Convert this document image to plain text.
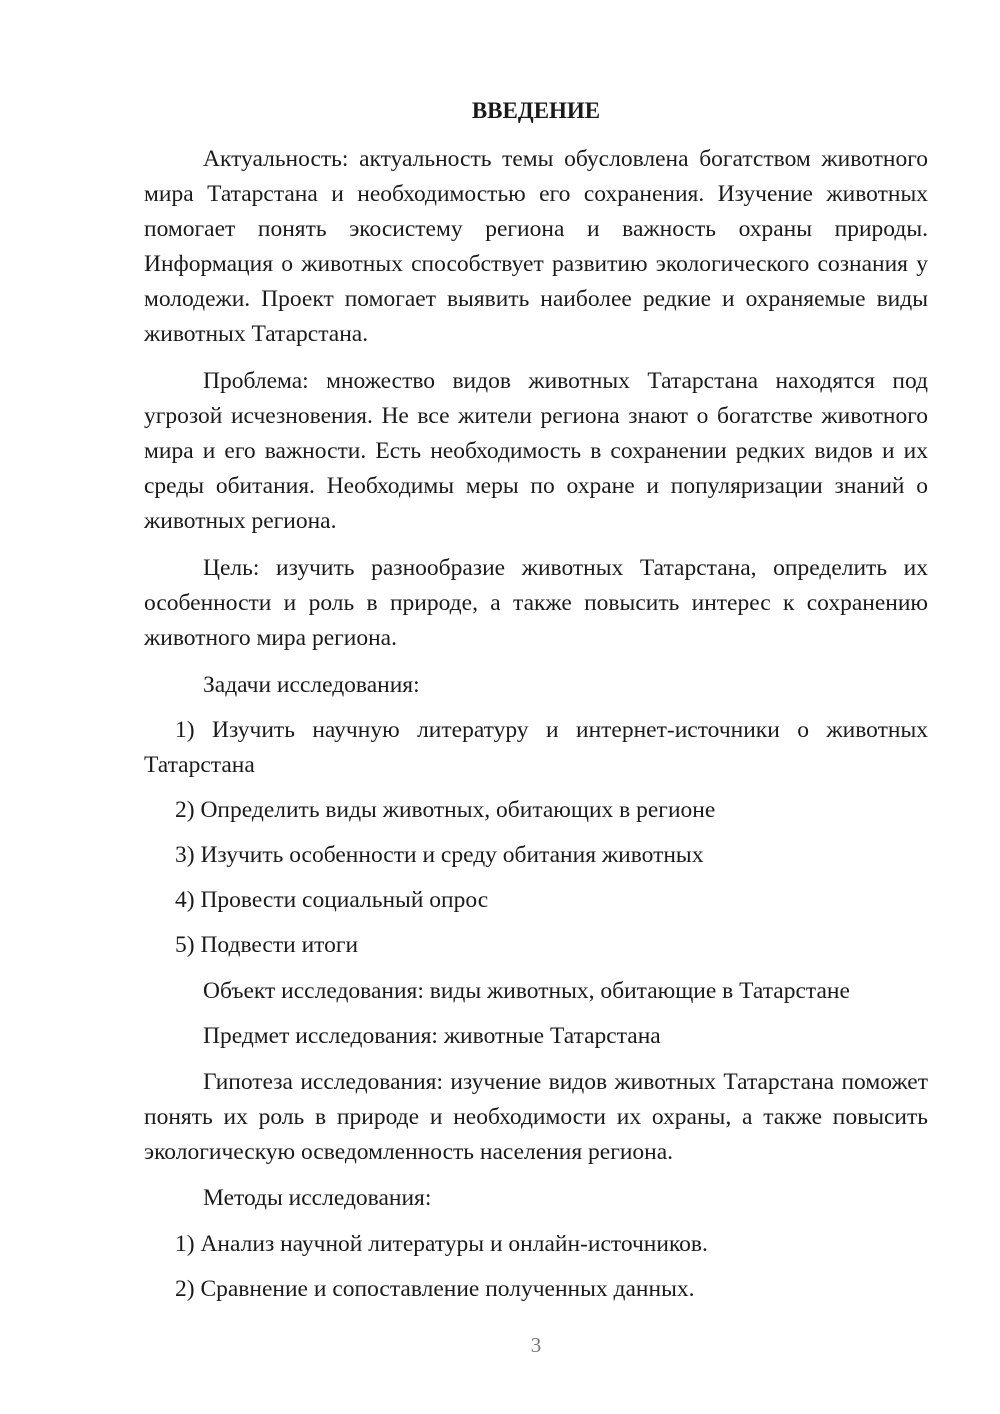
ВВЕДЕНИЕ

Актуальность: актуальность темы обусловлена богатством животного мира Татарстана и необходимостью его сохранения. Изучение животных помогает понять экосистему региона и важность охраны природы. Информация о животных способствует развитию экологического сознания у молодежи. Проект помогает выявить наиболее редкие и охраняемые виды животных Татарстана.

Проблема: множество видов животных Татарстана находятся под угрозой исчезновения. Не все жители региона знают о богатстве животного мира и его важности. Есть необходимость в сохранении редких видов и их среды обитания. Необходимы меры по охране и популяризации знаний о животных региона.

Цель: изучить разнообразие животных Татарстана, определить их особенности и роль в природе, а также повысить интерес к сохранению животного мира региона.

Задачи исследования:

1) Изучить научную литературу и интернет-источники о животных Татарстана

2) Определить виды животных, обитающих в регионе

3) Изучить особенности и среду обитания животных

4) Провести социальный опрос

5) Подвести итоги

Объект исследования: виды животных, обитающие в Татарстане

Предмет исследования: животные Татарстана

Гипотеза исследования: изучение видов животных Татарстана поможет понять их роль в природе и необходимости их охраны, а также повысить экологическую осведомленность населения региона.

Методы исследования:

1) Анализ научной литературы и онлайн-источников.

2) Сравнение и сопоставление полученных данных.

3
